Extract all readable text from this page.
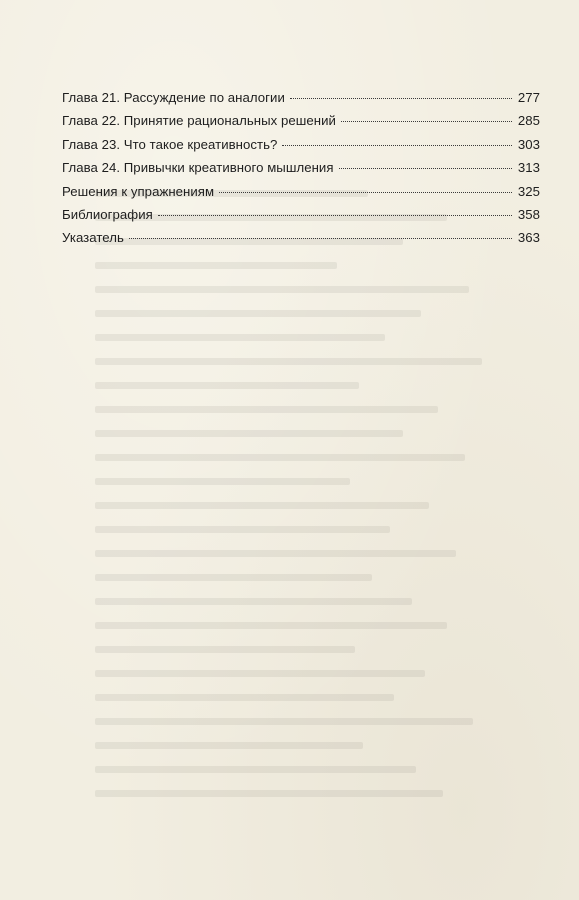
Глава 21. Рассуждение по аналогии	277
Глава 22. Принятие рациональных решений	285
Глава 23. Что такое креативность?	303
Глава 24. Привычки креативного мышления	313
Решения к упражнениям	325
Библиография	358
Указатель	363
